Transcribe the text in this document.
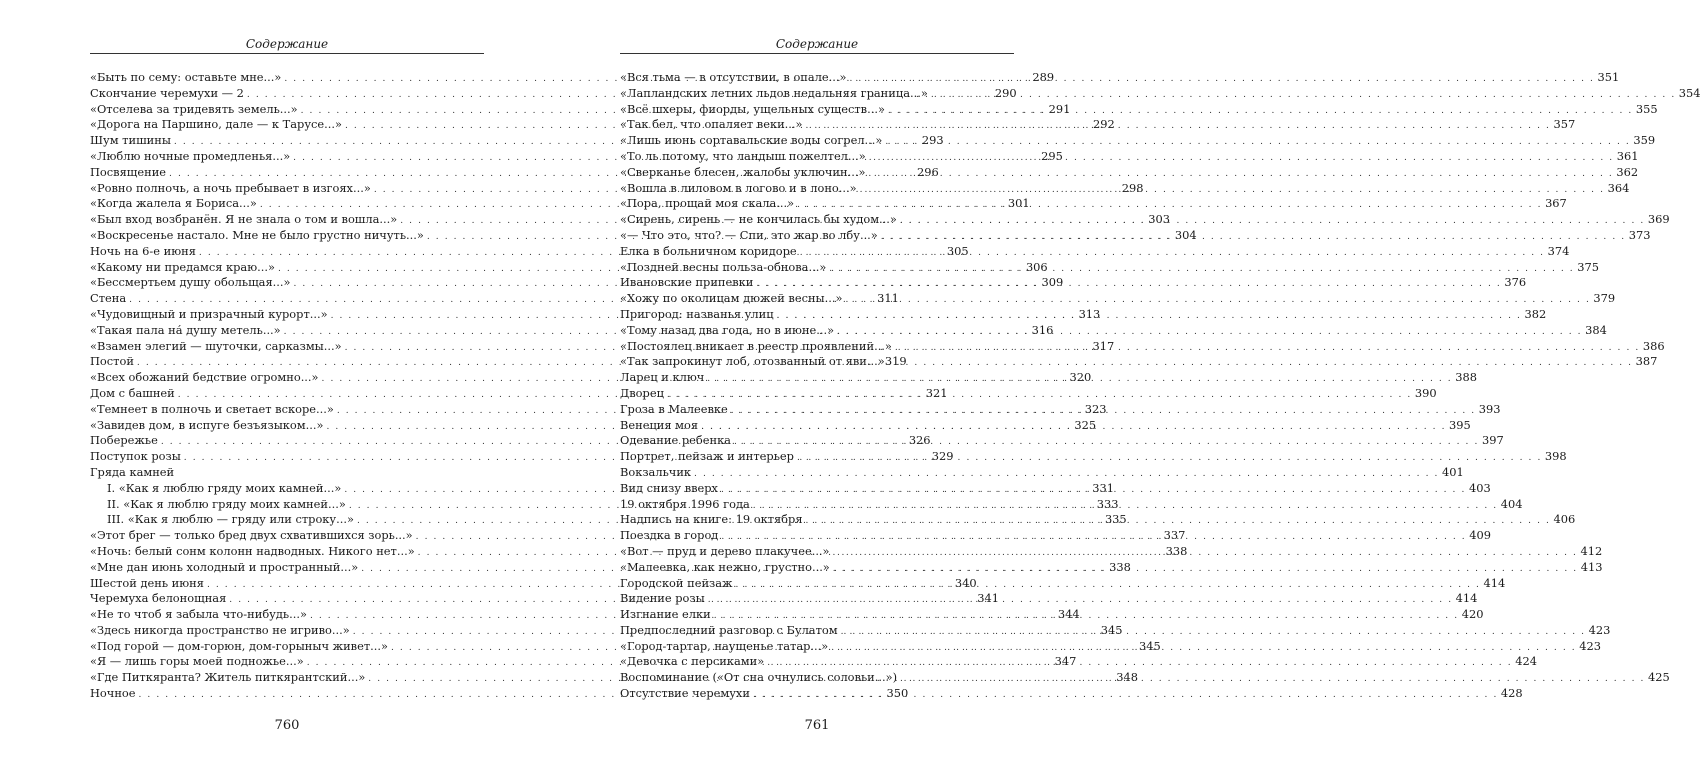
Содержание
«Быть по сему: оставьте мне...» . . .	289
Скончание черемухи — 2 . . .	290
«Отселева за тридевять земель...» . . .	291
«Дорога на Паршино, дале — к Тарусе...» . . .	292
Шум тишины . . .	293
«Люблю ночные промедленья...» . . .	295
Посвящение . . .	296
«Ровно полночь, а ночь пребывает в изгоях...» . . .	298
«Когда жалела я Бориса...» . . .	301
«Был вход возбранён. Я не знала о том и вошла...» . . .	303
«Воскресенье настало. Мне не было грустно ничуть...» . . .	304
Ночь на 6-е июня . . .	305
«Какому ни предамся краю...» . . .	306
«Бессмертьем душу обольщая...» . . .	309
Стена . . .	311
«Чудовищный и призрачный курорт...» . . .	313
«Такая пала на́ душу метель...» . . .	316
«Взамен элегий — шуточки, сарказмы...» . . .	317
Постой . . .	319
«Всех обожаний бедствие огромно...» . . .	320
Дом с башней . . .	321
«Темнеет в полночь и светает вскоре...» . . .	323
«Завидев дом, в испуге безъязыком...» . . .	325
Побережье . . .	326
Поступок розы . . .	329
Гряда камней
I. «Как я люблю гряду моих камней...» . . .	331
II. «Как я люблю гряду моих камней...» . . .	333
III. «Как я люблю — гряду или строку...» . . .	335
«Этот брег — только бред двух схватившихся зорь...» . . .	337
«Ночь: белый сонм колонн надводных. Никого нет...» . . .	338
«Мне дан июнь холодный и пространный...» . . .	338
Шестой день июня . . .	340
Черемуха белонощная . . .	341
«Не то чтоб я забыла что-нибудь...» . . .	344
«Здесь никогда пространство не игриво...» . . .	345
«Под горой — дом-горюн, дом-горыныч живет...» . . .	345
«Я — лишь горы моей подножье...» . . .	347
«Где Питкяранта? Житель питкярантский...» . . .	348
Ночное . . .	350
760
Содержание
«Вся тьма — в отсутствии, в опале...» . . .	351
«Лапландских летних льдов недальняя граница...» . . .	354
«Всё шхеры, фиорды, ущельных существ...» . . .	355
«Так бел, что опаляет веки...» . . .	357
«Лишь июнь сортавальские воды согрел...» . . .	359
«То ль потому, что ландыш пожелтел...» . . .	361
«Сверканье блесен, жалобы уключин...» . . .	362
«Вошла в лиловом в логово и в лоно...» . . .	364
«Пора, прощай моя скала...» . . .	367
«Сирень, сирень — не кончилась бы худом...» . . .	369
«— Что это, что? — Спи, это жар во лбу...» . . .	373
Елка в больничном коридоре . . .	374
«Поздней весны польза-обнова...» . . .	375
Ивановские припевки . . .	376
«Хожу по околицам дюжей весны...» . . .	379
Пригород: названья улиц . . .	382
«Тому назад два года, но в июне...» . . .	384
«Постоялец вникает в реестр проявлений...» . . .	386
«Так запрокинут лоб, отозванный от яви...» . . .	387
Ларец и ключ . . .	388
Дворец . . .	390
Гроза в Малеевке . . .	393
Венеция моя . . .	395
Одевание ребенка . . .	397
Портрет, пейзаж и интерьер . . .	398
Вокзальчик . . .	401
Вид снизу вверх . . .	403
19 октября 1996 года . . .	404
Надпись на книге: 19 октября . . .	406
Поездка в город . . .	409
«Вот — пруд и дерево плакучее...» . . .	412
«Малеевка, как нежно, грустно...» . . .	413
Городской пейзаж . . .	414
Видение розы . . .	414
Изгнание елки . . .	420
Предпоследний разговор с Булатом . . .	423
«Город-тартар, наущенье татар...» . . .	423
«Девочка с персиками» . . .	424
Воспоминание («От сна очнулись соловьи...») . . .	425
Отсутствие черемухи . . .	428
761
